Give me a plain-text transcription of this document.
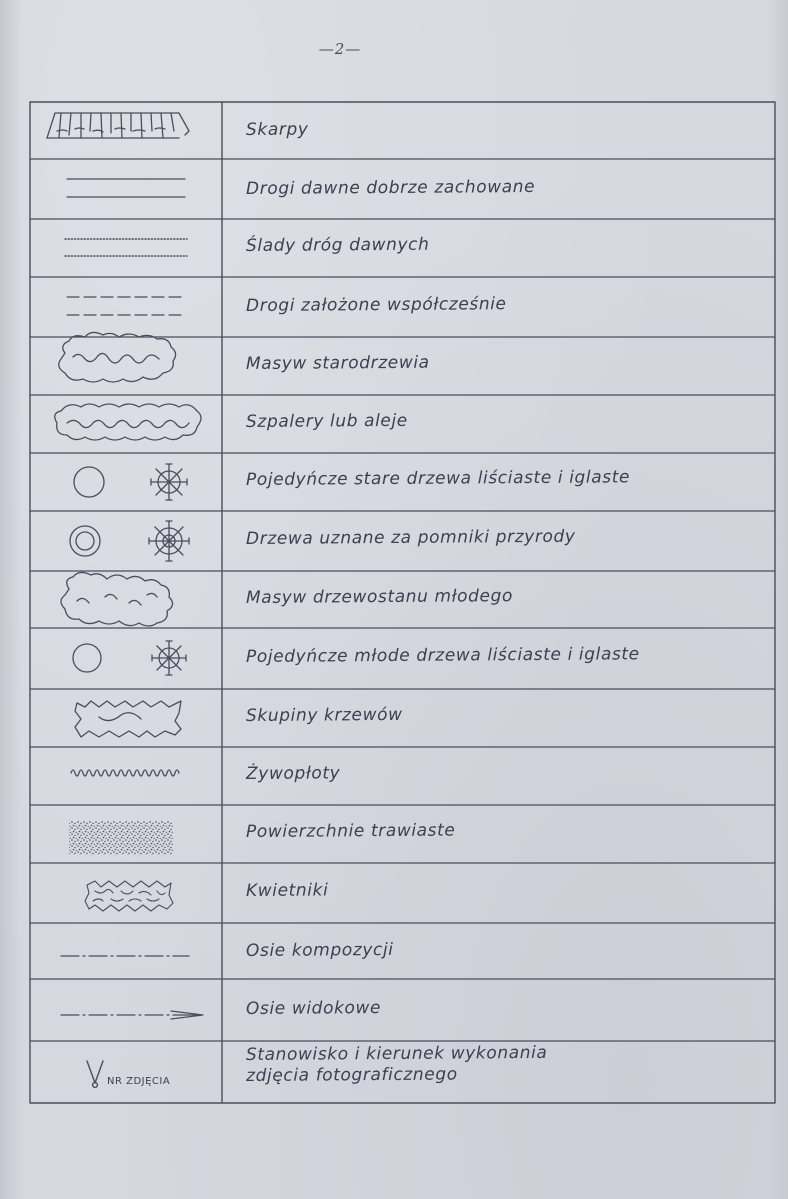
—2—
Skarpy
Drogi dawne dobrze zachowane
Ślady dróg dawnych
Drogi założone współcześnie
Masyw starodrzewia
Szpalery lub aleje
Pojedyńcze stare drzewa liściaste i iglaste
Drzewa uznane za pomniki przyrody
Masyw drzewostanu młodego
Pojedyńcze młode drzewa liściaste i iglaste
Skupiny krzewów
Żywopłoty
Powierzchnie trawiaste
Kwietniki
Osie kompozycji
Osie widokowe
Stanowisko i kierunek wykonania
zdjęcia fotograficznego
NR ZDJĘCIA
